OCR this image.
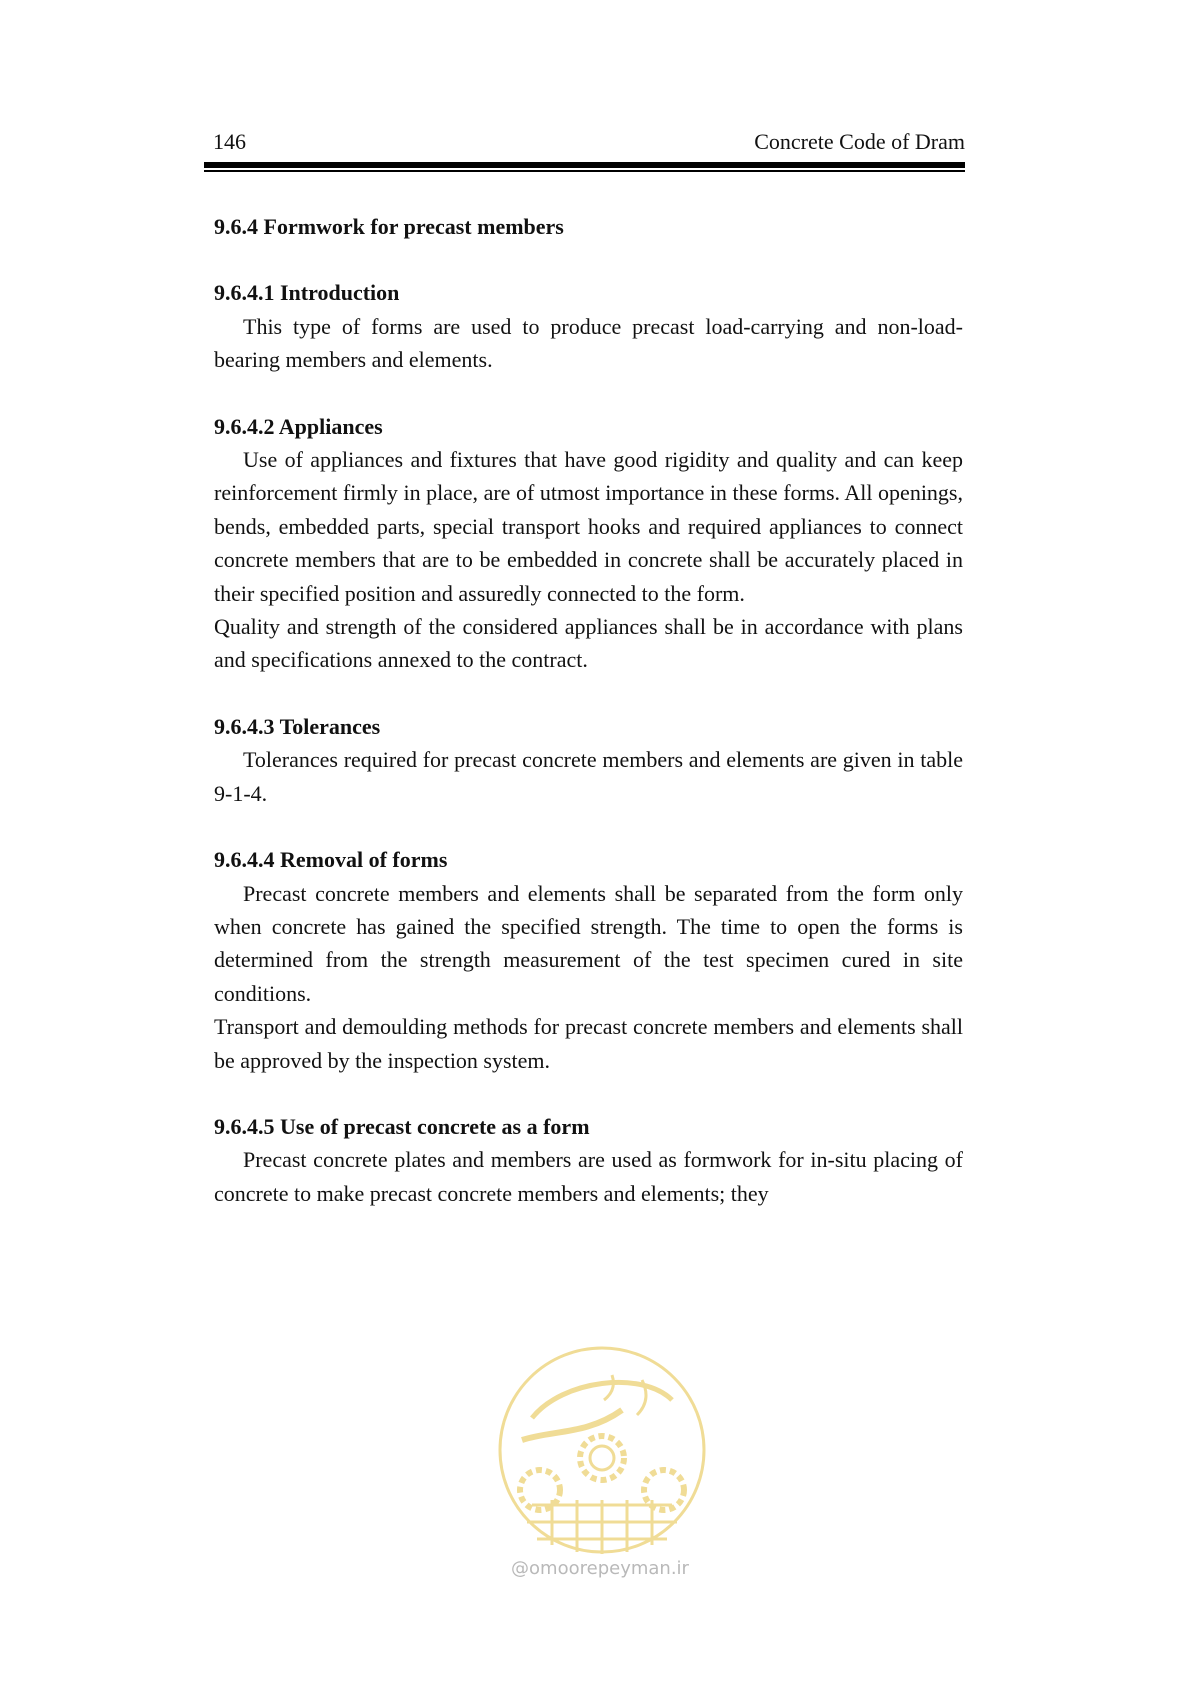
146	Concrete Code of Dram
9.6.4 Formwork for precast members
9.6.4.1 Introduction

This type of forms are used to produce precast load-carrying and non-load- bearing members and elements.

9.6.4.2 Appliances

Use of appliances and fixtures that have good rigidity and quality and can keep reinforcement firmly in place, are of utmost importance in these forms. All openings, bends, embedded parts, special transport hooks and required appliances to connect concrete members that are to be embedded in concrete shall be accurately placed in their specified position and assuredly connected to the form.

Quality and strength of the considered appliances shall be in accordance with plans and specifications annexed to the contract.

9.6.4.3 Tolerances

Tolerances required for precast concrete members and elements are given in table 9-1-4.

9.6.4.4 Removal of forms

Precast concrete members and elements shall be separated from the form only when concrete has gained the specified strength. The time to open the forms is determined from the strength measurement of the test specimen cured in site conditions.

Transport and demoulding methods for precast concrete members and elements shall be approved by the inspection system.

9.6.4.5 Use of precast concrete as a form

Precast concrete plates and members are used as formwork for in-situ placing of concrete to make precast concrete members and elements; they

@omoorepeyman.ir
